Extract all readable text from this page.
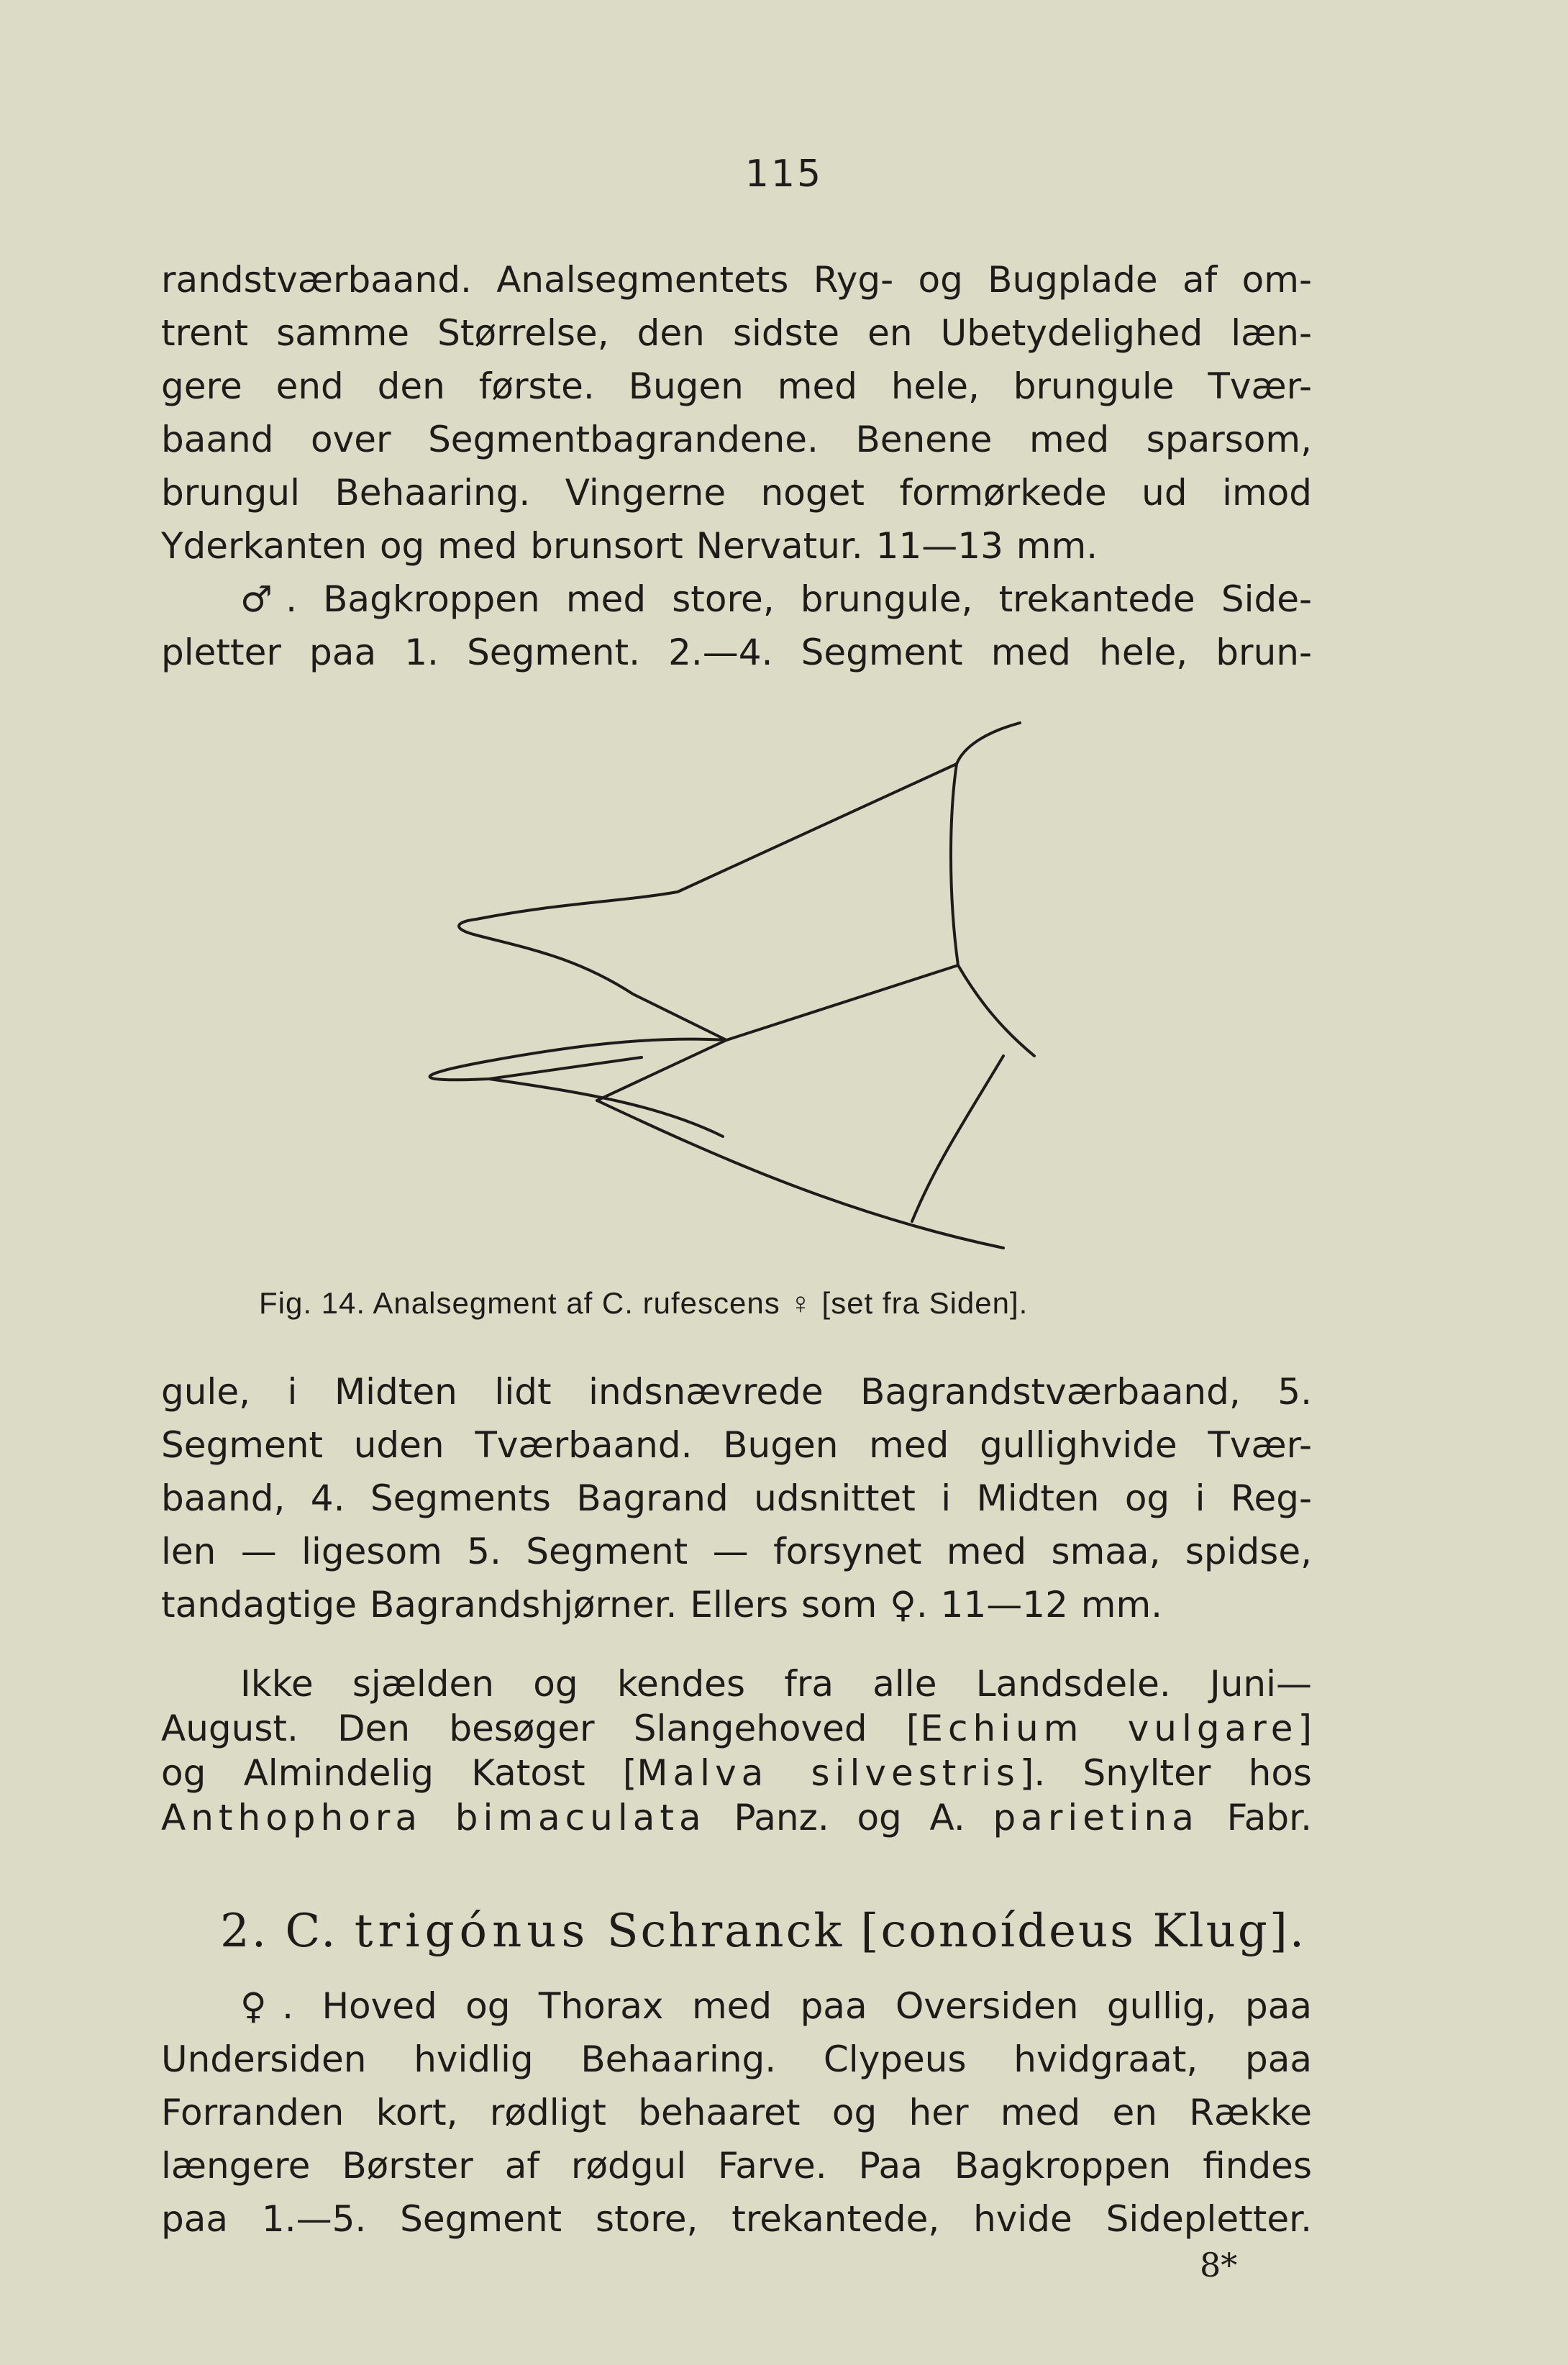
115
randstværbaand. Analsegmentets Ryg- og Bugplade af om-
trent samme Størrelse, den sidste en Ubetydelighed læn-
gere end den første. Bugen med hele, brungule Tvær-
baand over Segmentbagrandene. Benene med sparsom,
brungul Behaaring. Vingerne noget formørkede ud imod
Yderkanten og med brunsort Nervatur. 11—13 mm.
♂. Bagkroppen med store, brungule, trekantede Side-
pletter paa 1. Segment. 2.—4. Segment med hele, brun-
Fig. 14. Analsegment af C. rufescens ♀ [set fra Siden].
gule, i Midten lidt indsnævrede Bagrandstværbaand, 5.
Segment uden Tværbaand. Bugen med gullighvide Tvær-
baand, 4. Segments Bagrand udsnittet i Midten og i Reg-
len — ligesom 5. Segment — forsynet med smaa, spidse,
tandagtige Bagrandshjørner. Ellers som ♀. 11—12 mm.
Ikke sjælden og kendes fra alle Landsdele. Juni—
August. Den besøger Slangehoved [Echium vulgare]
og Almindelig Katost [Malva silvestris]. Snylter hos
Anthophora bimaculata Panz. og A. parietina Fabr.
2. C. trigónus Schranck [conoídeus Klug].
♀. Hoved og Thorax med paa Oversiden gullig, paa
Undersiden hvidlig Behaaring. Clypeus hvidgraat, paa
Forranden kort, rødligt behaaret og her med en Række
længere Børster af rødgul Farve. Paa Bagkroppen findes
paa 1.—5. Segment store, trekantede, hvide Sidepletter.
8*
